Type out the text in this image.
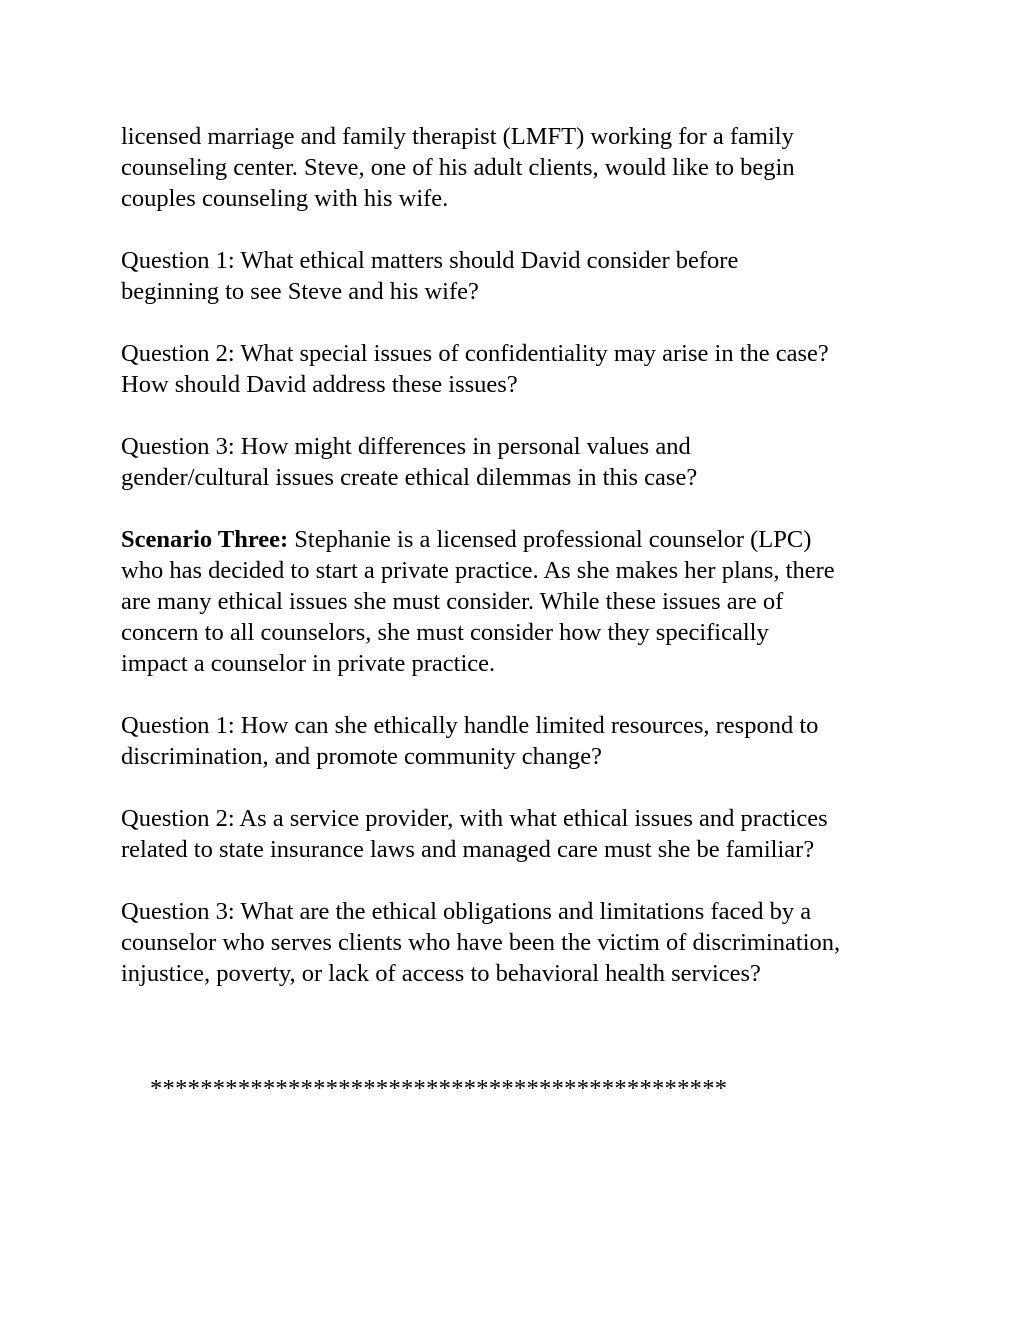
licensed marriage and family therapist (LMFT) working for a family
counseling center. Steve, one of his adult clients, would like to begin
couples counseling with his wife.

Question 1: What ethical matters should David consider before
beginning to see Steve and his wife?

Question 2: What special issues of confidentiality may arise in the case?
How should David address these issues?

Question 3: How might differences in personal values and
gender/cultural issues create ethical dilemmas in this case?

Scenario Three: Stephanie is a licensed professional counselor (LPC)
who has decided to start a private practice. As she makes her plans, there
are many ethical issues she must consider. While these issues are of
concern to all counselors, she must consider how they specifically
impact a counselor in private practice.

Question 1: How can she ethically handle limited resources, respond to
discrimination, and promote community change?

Question 2: As a service provider, with what ethical issues and practices
related to state insurance laws and managed care must she be familiar?

Question 3: What are the ethical obligations and limitations faced by a
counselor who serves clients who have been the victim of discrimination,
injustice, poverty, or lack of access to behavioral health services?

**********************************************
